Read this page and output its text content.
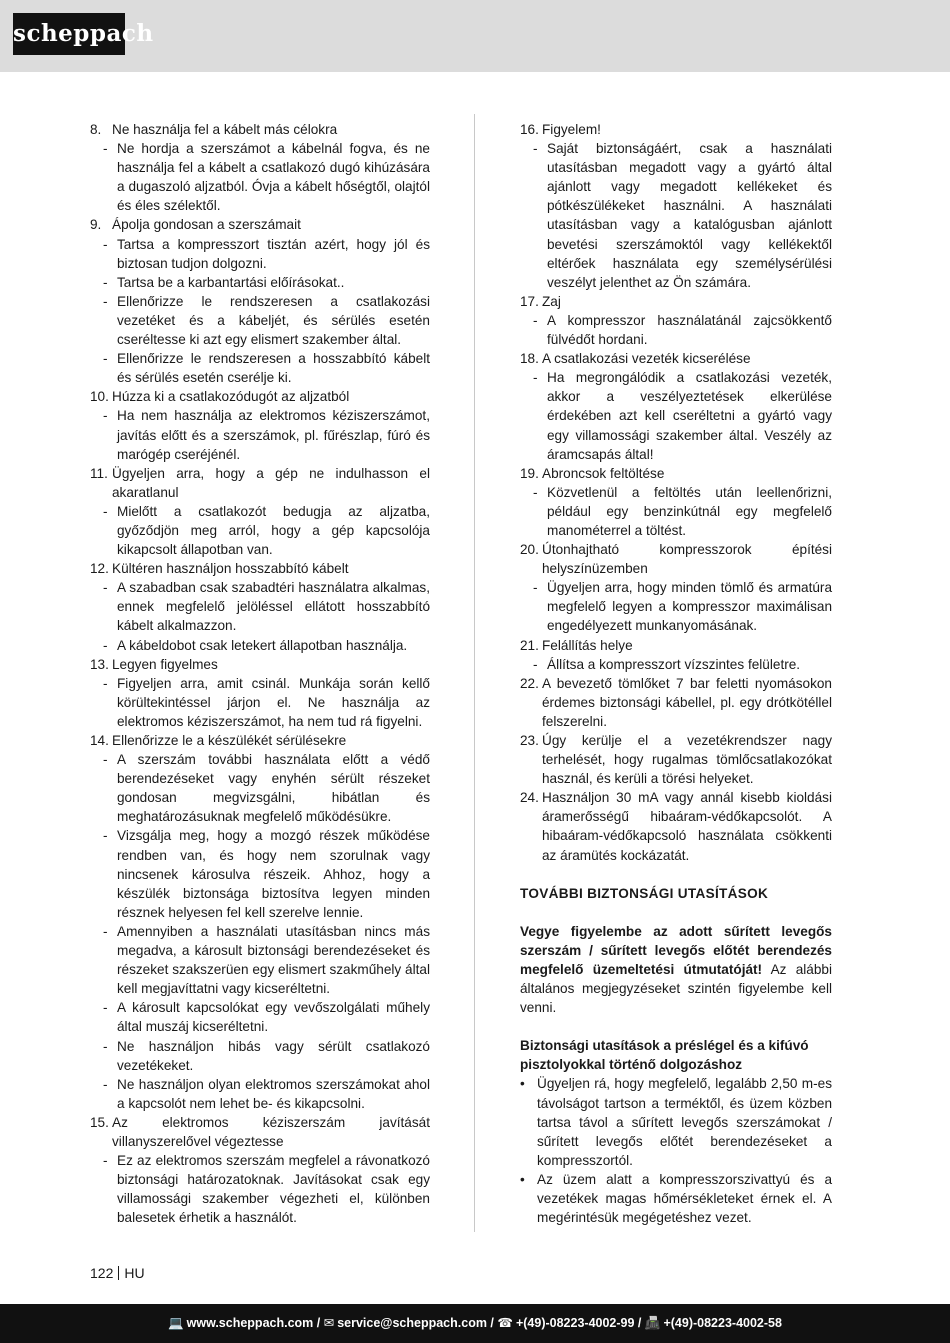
scheppach
8. Ne használja fel a kábelt más célokra
- Ne hordja a szerszámot a kábelnál fogva, és ne használja fel a kábelt a csatlakozó dugó kihúzására a dugaszoló aljzatból. Óvja a kábelt hőségtől, olajtól és éles szélektől.
9. Ápolja gondosan a szerszámait
- Tartsa a kompresszort tisztán azért, hogy jól és biztosan tudjon dolgozni.
- Tartsa be a karbantartási előírásokat..
- Ellenőrizze le rendszeresen a csatlakozási vezetéket és a kábeljét, és sérülés esetén cseréltesse ki azt egy elismert szakember által.
- Ellenőrizze le rendszeresen a hosszabbító kábelt és sérülés esetén cserélje ki.
10. Húzza ki a csatlakozódugót az aljzatból
- Ha nem használja az elektromos kéziszerszámot, javítás előtt és a szerszámok, pl. fűrészlap, fúró és marógép cseréjénél.
11. Ügyeljen arra, hogy a gép ne indulhasson el akaratlanul
- Mielőtt a csatlakozót bedugja az aljzatba, győződjön meg arról, hogy a gép kapcsolója kikapcsolt állapotban van.
12. Kültéren használjon hosszabbító kábelt
- A szabadban csak szabadtéri használatra alkalmas, ennek megfelelő jelöléssel ellátott hosszabbító kábelt alkalmazzon.
- A kábeldobot csak letekert állapotban használja.
13. Legyen figyelmes
- Figyeljen arra, amit csinál. Munkája során kellő körültekintéssel járjon el. Ne használja az elektromos kéziszerszámot, ha nem tud rá figyelni.
14. Ellenőrizze le a készülékét sérülésekre
- A szerszám további használata előtt a védő berendezéseket vagy enyhén sérült részeket gondosan megvizsgálni, hibátlan és meghatározásuknak megfelelő működésükre.
- Vizsgálja meg, hogy a mozgó részek működése rendben van, és hogy nem szorulnak vagy nincsenek károsulva részeik. Ahhoz, hogy a készülék biztonsága biztosítva legyen minden résznek helyesen fel kell szerelve lennie.
- Amennyiben a használati utasításban nincs más megadva, a károsult biztonsági berendezéseket és részeket szakszerüen egy elismert szakműhely által kell megjavíttatni vagy kicseréltetni.
- A károsult kapcsolókat egy vevőszolgálati műhely által muszáj kicseréltetni.
- Ne használjon hibás vagy sérült csatlakozó vezetékeket.
- Ne használjon olyan elektromos szerszámokat ahol a kapcsolót nem lehet be- és kikapcsolni.
15. Az elektromos kéziszerszám javítását villanyszerelővel végeztesse
- Ez az elektromos szerszám megfelel a rávonatkozó biztonsági határozatoknak. Javításokat csak egy villamossági szakember végezheti el, különben balesetek érhetik a használót.
16. Figyelem!
- Saját biztonságáért, csak a használati utasításban megadott vagy a gyártó által ajánlott vagy megadott kellékeket és pótkészülékeket használni. A használati utasításban vagy a katalógusban ajánlott bevetési szerszámoktól vagy kellékektől eltérőek használata egy személysérülési veszélyt jelenthet az Ön számára.
17. Zaj
- A kompresszor használatánál zajcsökkentő fülvédőt hordani.
18. A csatlakozási vezeték kicserélése
- Ha megrongálódik a csatlakozási vezeték, akkor a veszélyeztetések elkerülése érdekében azt kell cseréltetni a gyártó vagy egy villamossági szakember által. Veszély az áramcsapás által!
19. Abroncsok feltöltése
- Közvetlenül a feltöltés után leellenőrizni, például egy benzinkútnál egy megfelelő manométerrel a töltést.
20. Útonhajtható kompresszorok építési helyszínüzemben
- Ügyeljen arra, hogy minden tömlő és armatúra megfelelő legyen a kompresszor maximálisan engedélyezett munkanyomásának.
21. Felállítás helye
- Állítsa a kompresszort vízszintes felületre.
22. A bevezető tömlőket 7 bar feletti nyomásokon érdemes biztonsági kábellel, pl. egy drótkötéllel felszerelni.
23. Úgy kerülje el a vezetékrendszer nagy terhelését, hogy rugalmas tömlőcsatlakozókat használ, és kerüli a törési helyeket.
24. Használjon 30 mA vagy annál kisebb kioldási áramerősségű hibaáram-védőkapcsolót. A hibaáram-védőkapcsoló használata csökkenti az áramütés kockázatát.
TOVÁBBI BIZTONSÁGI UTASÍTÁSOK
Vegye figyelembe az adott sűrített levegős szerszám / sűrített levegős előtét berendezés megfelelő üzemeltetési útmutatóját! Az alábbi általános megjegyzéseket szintén figyelembe kell venni.
Biztonsági utasítások a préslégel és a kifúvó pisztolyokkal történő dolgozáshoz
• Ügyeljen rá, hogy megfelelő, legalább 2,50 m-es távolságot tartson a terméktől, és üzem közben tartsa távol a sűrített levegős szerszámokat / sűrített levegős előtét berendezéseket a kompresszortól.
• Az üzem alatt a kompresszorszivattyú és a vezetékek magas hőmérsékleteket érnek el. A megérintésük megégetéshez vezet.
122 HU
💻 www.scheppach.com / ✉ service@scheppach.com / ☎ +(49)-08223-4002-99 / 📠 +(49)-08223-4002-58
